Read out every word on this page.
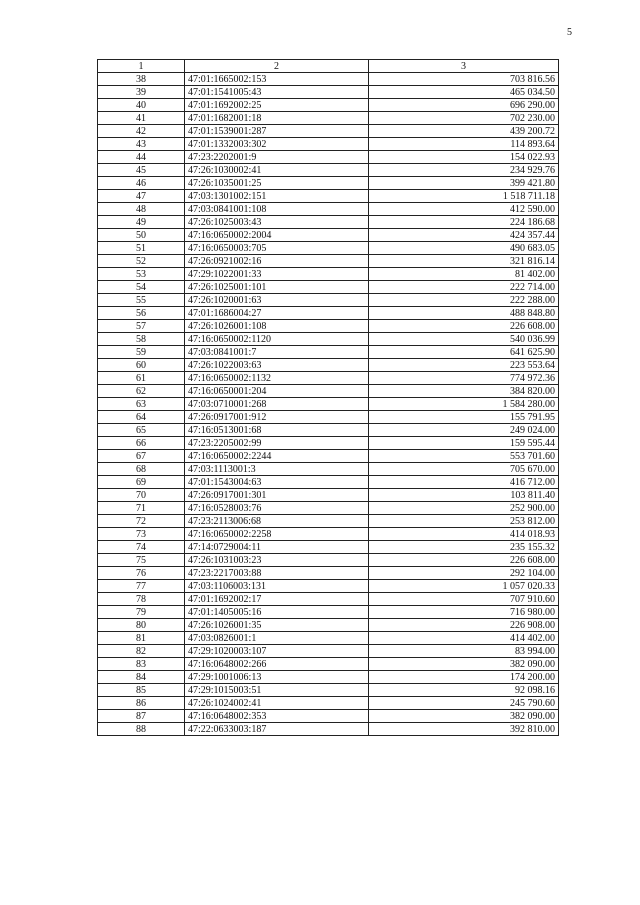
5
1	2	3
38	47:01:1665002:153	703 816.56
39	47:01:1541005:43	465 034.50
40	47:01:1692002:25	696 290.00
41	47:01:1682001:18	702 230.00
42	47:01:1539001:287	439 200.72
43	47:01:1332003:302	114 893.64
44	47:23:2202001:9	154 022.93
45	47:26:1030002:41	234 929.76
46	47:26:1035001:25	399 421.80
47	47:03:1301002:151	1 518 711.18
48	47:03:0841001:108	412 590.00
49	47:26:1025003:43	224 186.68
50	47:16:0650002:2004	424 357.44
51	47:16:0650003:705	490 683.05
52	47:26:0921002:16	321 816.14
53	47:29:1022001:33	81 402.00
54	47:26:1025001:101	222 714.00
55	47:26:1020001:63	222 288.00
56	47:01:1686004:27	488 848.80
57	47:26:1026001:108	226 608.00
58	47:16:0650002:1120	540 036.99
59	47:03:0841001:7	641 625.90
60	47:26:1022003:63	223 553.64
61	47:16:0650002:1132	774 972.36
62	47:16:0650001:204	384 820.00
63	47:03:0710001:268	1 584 280.00
64	47:26:0917001:912	155 791.95
65	47:16:0513001:68	249 024.00
66	47:23:2205002:99	159 595.44
67	47:16:0650002:2244	553 701.60
68	47:03:1113001:3	705 670.00
69	47:01:1543004:63	416 712.00
70	47:26:0917001:301	103 811.40
71	47:16:0528003:76	252 900.00
72	47:23:2113006:68	253 812.00
73	47:16:0650002:2258	414 018.93
74	47:14:0729004:11	235 155.32
75	47:26:1031003:23	226 608.00
76	47:23:2217003:88	292 104.00
77	47:03:1106003:131	1 057 020.33
78	47:01:1692002:17	707 910.60
79	47:01:1405005:16	716 980.00
80	47:26:1026001:35	226 908.00
81	47:03:0826001:1	414 402.00
82	47:29:1020003:107	83 994.00
83	47:16:0648002:266	382 090.00
84	47:29:1001006:13	174 200.00
85	47:29:1015003:51	92 098.16
86	47:26:1024002:41	245 790.60
87	47:16:0648002:353	382 090.00
88	47:22:0633003:187	392 810.00
